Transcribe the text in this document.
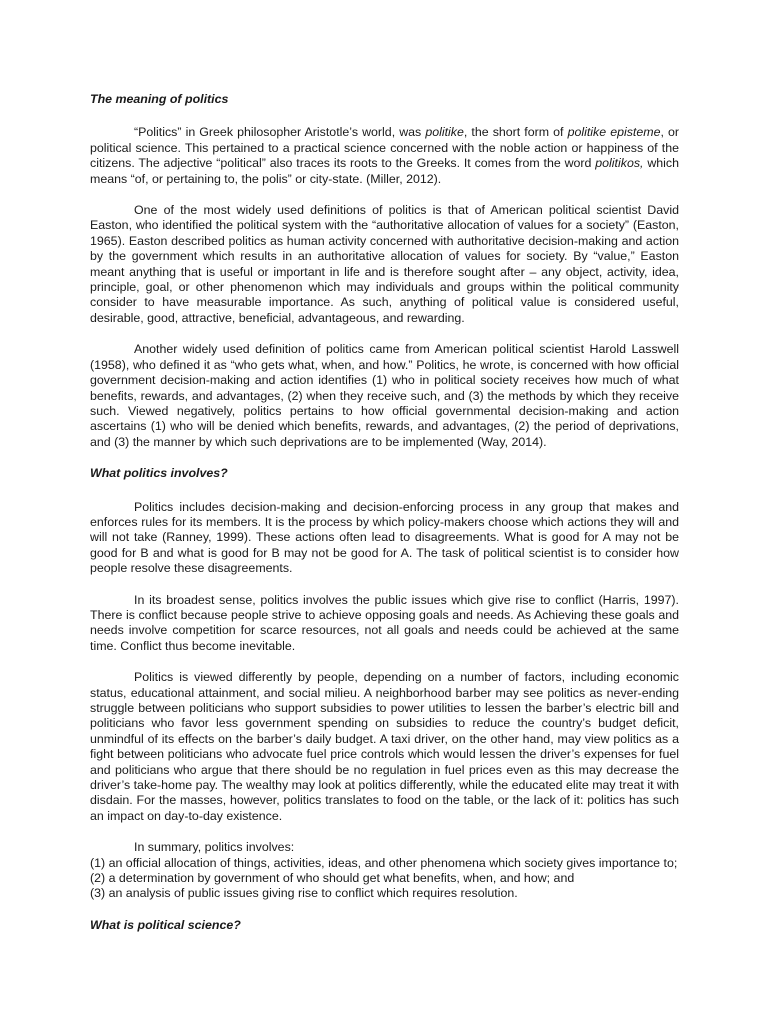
The meaning of politics

“Politics” in Greek philosopher Aristotle’s world, was politike, the short form of politike episteme, or political science. This pertained to a practical science concerned with the noble action or happiness of the citizens. The adjective “political” also traces its roots to the Greeks. It comes from the word politikos, which means “of, or pertaining to, the polis” or city-state. (Miller, 2012).

One of the most widely used definitions of politics is that of American political scientist David Easton, who identified the political system with the “authoritative allocation of values for a society” (Easton, 1965). Easton described politics as human activity concerned with authoritative decision-making and action by the government which results in an authoritative allocation of values for society. By “value,” Easton meant anything that is useful or important in life and is therefore sought after – any object, activity, idea, principle, goal, or other phenomenon which may individuals and groups within the political community consider to have measurable importance. As such, anything of political value is considered useful, desirable, good, attractive, beneficial, advantageous, and rewarding.

Another widely used definition of politics came from American political scientist Harold Lasswell (1958), who defined it as “who gets what, when, and how.” Politics, he wrote, is concerned with how official government decision-making and action identifies (1) who in political society receives how much of what benefits, rewards, and advantages, (2) when they receive such, and (3) the methods by which they receive such. Viewed negatively, politics pertains to how official governmental decision-making and action ascertains (1) who will be denied which benefits, rewards, and advantages, (2) the period of deprivations, and (3) the manner by which such deprivations are to be implemented (Way, 2014).

What politics involves?

Politics includes decision-making and decision-enforcing process in any group that makes and enforces rules for its members. It is the process by which policy-makers choose which actions they will and will not take (Ranney, 1999). These actions often lead to disagreements. What is good for A may not be good for B and what is good for B may not be good for A. The task of political scientist is to consider how people resolve these disagreements.

In its broadest sense, politics involves the public issues which give rise to conflict (Harris, 1997). There is conflict because people strive to achieve opposing goals and needs. As Achieving these goals and needs involve competition for scarce resources, not all goals and needs could be achieved at the same time. Conflict thus become inevitable.

Politics is viewed differently by people, depending on a number of factors, including economic status, educational attainment, and social milieu. A neighborhood barber may see politics as never-ending struggle between politicians who support subsidies to power utilities to lessen the barber’s electric bill and politicians who favor less government spending on subsidies to reduce the country’s budget deficit, unmindful of its effects on the barber’s daily budget. A taxi driver, on the other hand, may view politics as a fight between politicians who advocate fuel price controls which would lessen the driver’s expenses for fuel and politicians who argue that there should be no regulation in fuel prices even as this may decrease the driver’s take-home pay. The wealthy may look at politics differently, while the educated elite may treat it with disdain. For the masses, however, politics translates to food on the table, or the lack of it: politics has such an impact on day-to-day existence.

In summary, politics involves:

(1) an official allocation of things, activities, ideas, and other phenomena which society gives importance to;

(2) a determination by government of who should get what benefits, when, and how; and

(3) an analysis of public issues giving rise to conflict which requires resolution.

What is political science?
